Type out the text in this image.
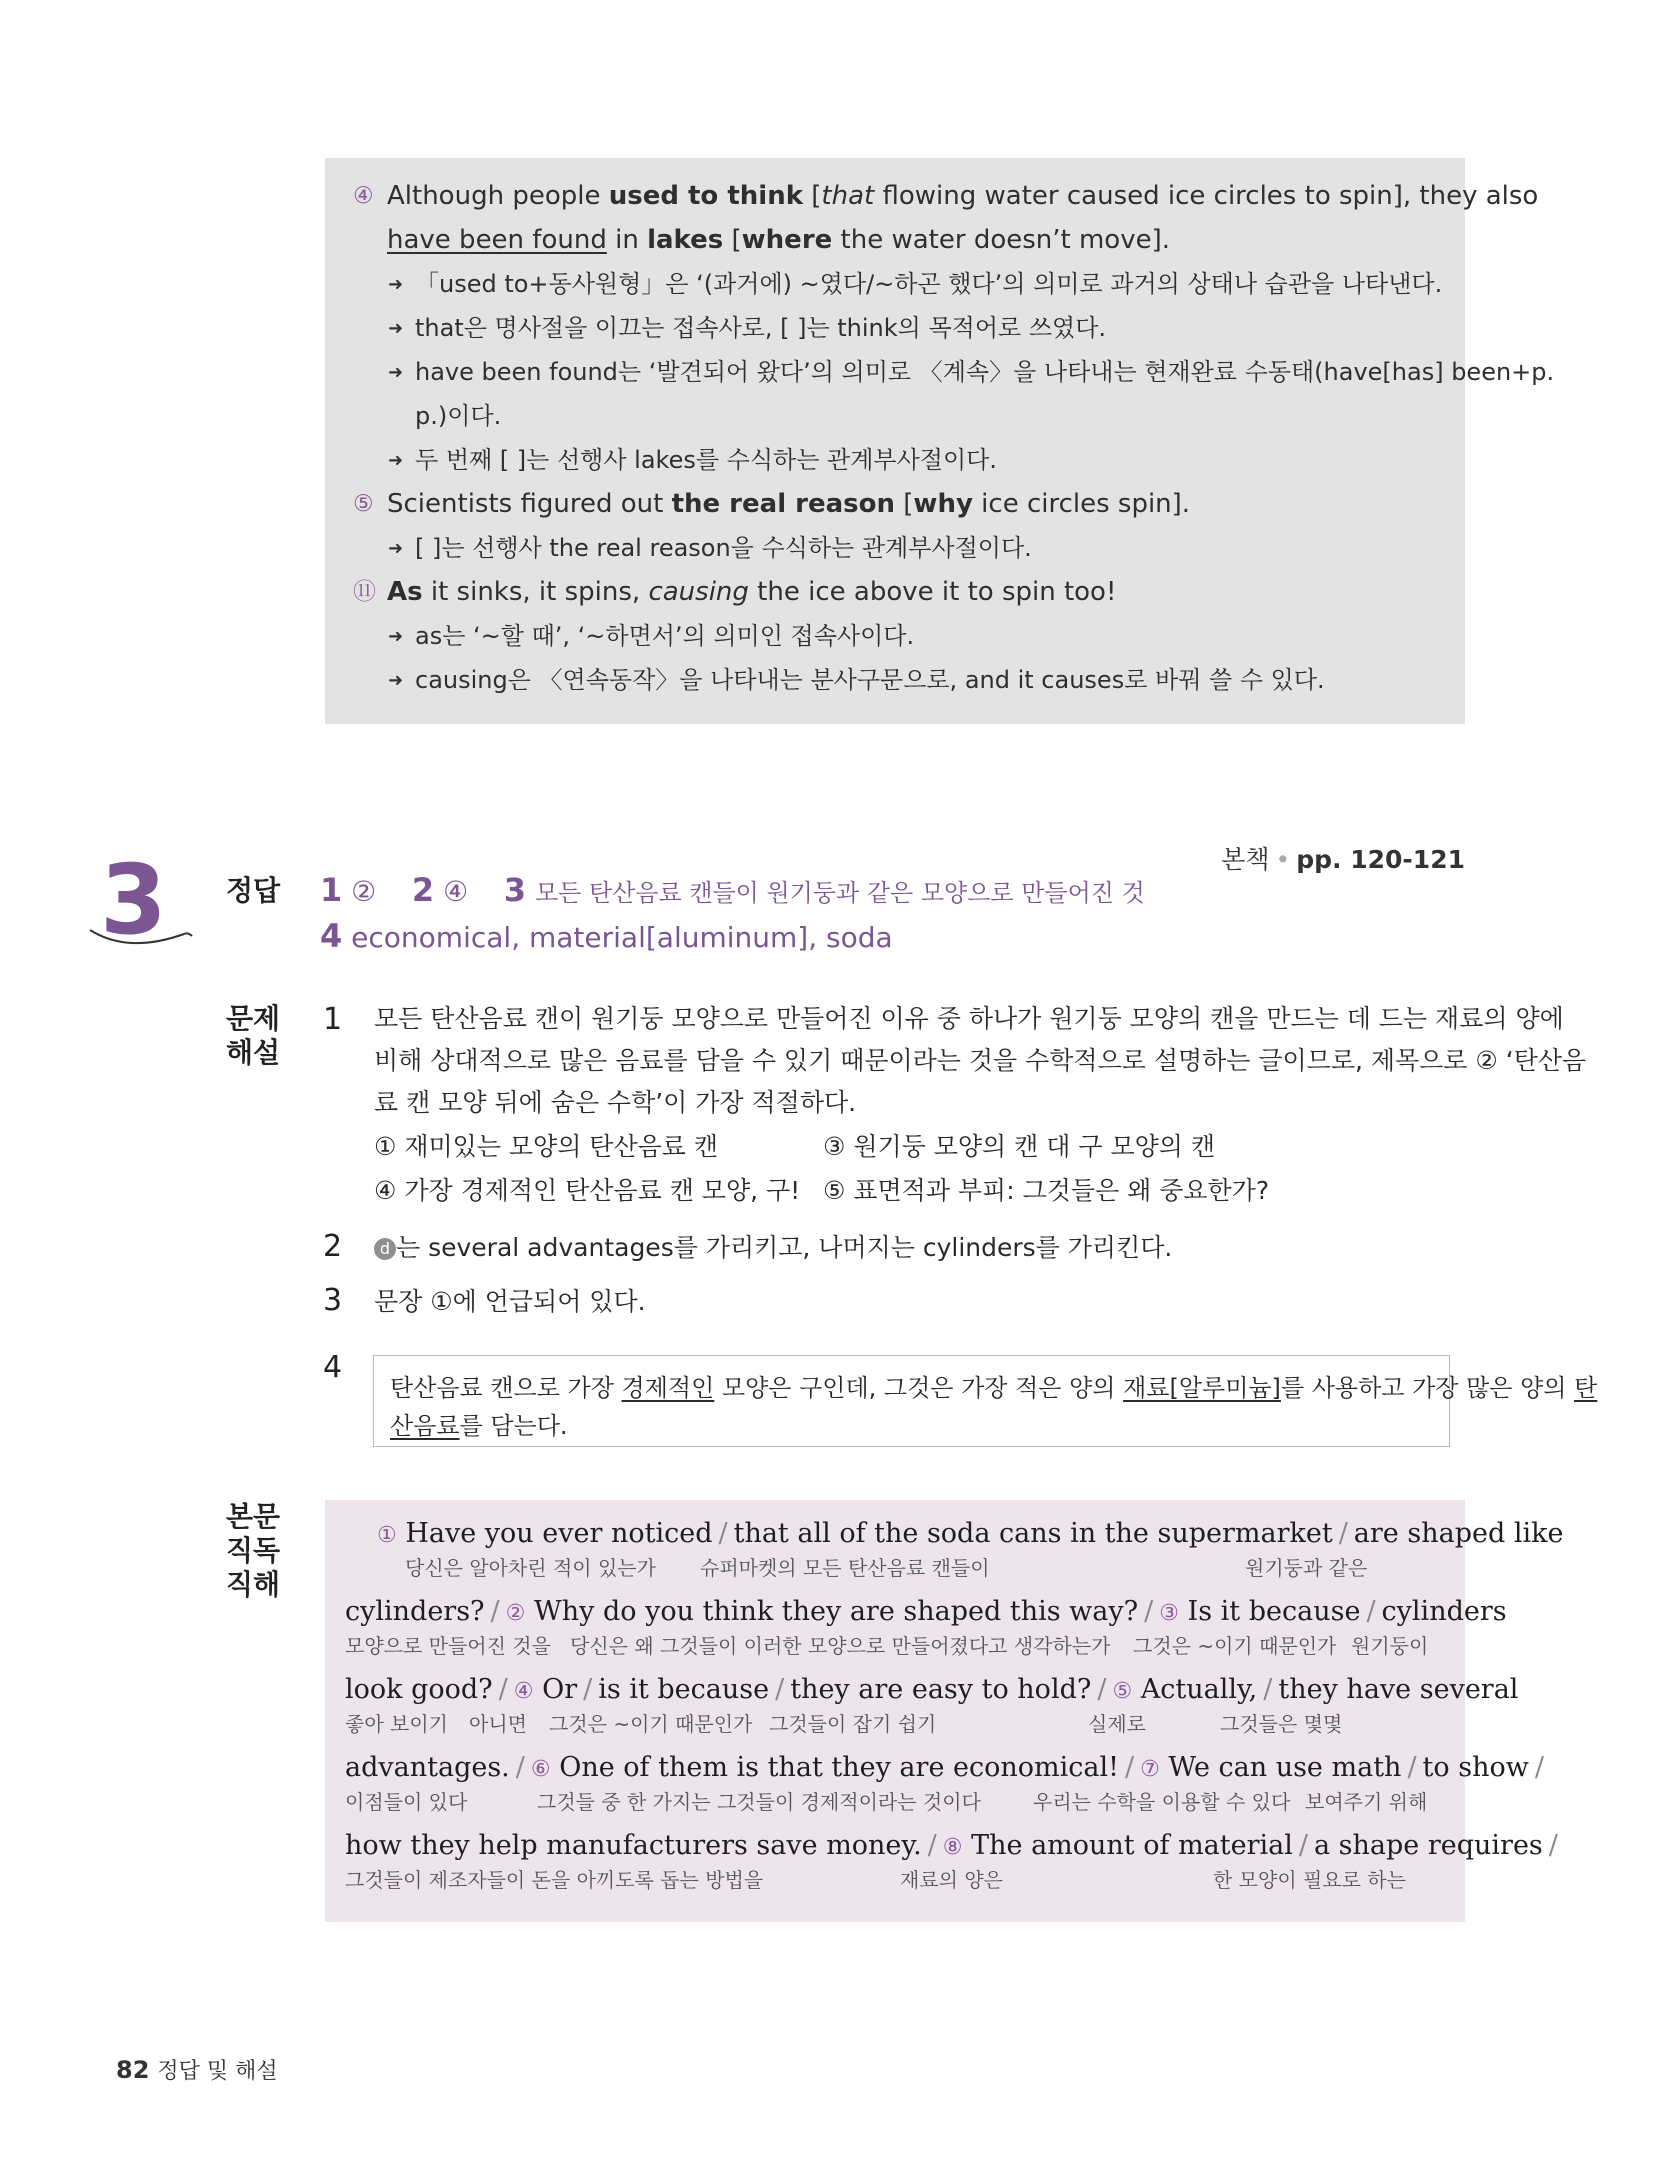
④ Although people used to think [that flowing water caused ice circles to spin], they also
have been found in lakes [where the water doesn’t move].
➜ 「used to+동사원형」은 ‘(과거에) ~였다/~하곤 했다’의 의미로 과거의 상태나 습관을 나타낸다.
➜ that은 명사절을 이끄는 접속사로, [ ]는 think의 목적어로 쓰였다.
➜ have been found는 ‘발견되어 왔다’의 의미로 〈계속〉을 나타내는 현재완료 수동태(have[has] been+p.
p.)이다.
➜ 두 번째 [ ]는 선행사 lakes를 수식하는 관계부사절이다.
⑤ Scientists figured out the real reason [why ice circles spin].
➜ [ ]는 선행사 the real reason을 수식하는 관계부사절이다.
⑪ As it sinks, it spins, causing the ice above it to spin too!
➜ as는 ‘~할 때’, ‘~하면서’의 의미인 접속사이다.
➜ causing은 〈연속동작〉을 나타내는 분사구문으로, and it causes로 바꿔 쓸 수 있다.
3	본책 • pp. 120-121
정답 1 ② 2 ④ 3 모든 탄산음료 캔들이 원기둥과 같은 모양으로 만들어진 것
4 economical, material[aluminum], soda
문제
해설
1 모든 탄산음료 캔이 원기둥 모양으로 만들어진 이유 중 하나가 원기둥 모양의 캔을 만드는 데 드는 재료의 양에
비해 상대적으로 많은 음료를 담을 수 있기 때문이라는 것을 수학적으로 설명하는 글이므로, 제목으로 ② ‘탄산음
료 캔 모양 뒤에 숨은 수학’이 가장 적절하다.
① 재미있는 모양의 탄산음료 캔	③ 원기둥 모양의 캔 대 구 모양의 캔
④ 가장 경제적인 탄산음료 캔 모양, 구! ⑤ 표면적과 부피: 그것들은 왜 중요한가?
2	d 는 several advantages를 가리키고, 나머지는 cylinders를 가리킨다.
3 문장 ①에 언급되어 있다.
4
탄산음료 캔으로 가장 경제적인 모양은 구인데, 그것은 가장 적은 양의 재료[알루미늄]를 사용하고 가장 많은 양의 탄
산음료를 담는다.
본문
직독
직해
① Have you ever noticed / that all of the soda cans in the supermarket / are shaped like
당신은 알아차린 적이 있는가 슈퍼마켓의 모든 탄산음료 캔들이	원기둥과 같은
cylinders? / ② Why do you think they are shaped this way? / ③ Is it because / cylinders
모양으로 만들어진 것을 당신은 왜 그것들이 이러한 모양으로 만들어졌다고 생각하는가 그것은 ~이기 때문인가 원기둥이
look good? / ④ Or / is it because / they are easy to hold? / ⑤ Actually, / they have several
좋아 보이기 아니면 그것은 ~이기 때문인가 그것들이 잡기 쉽기	실제로	그것들은 몇몇
advantages. / ⑥ One of them is that they are economical! / ⑦ We can use math / to show /
이점들이 있다	그것들 중 한 가지는 그것들이 경제적이라는 것이다	우리는 수학을 이용할 수 있다 보여주기 위해
how they help manufacturers save money. / ⑧ The amount of material / a shape requires /
그것들이 제조자들이 돈을 아끼도록 돕는 방법을	재료의 양은	한 모양이 필요로 하는
82 정답 및 해설
